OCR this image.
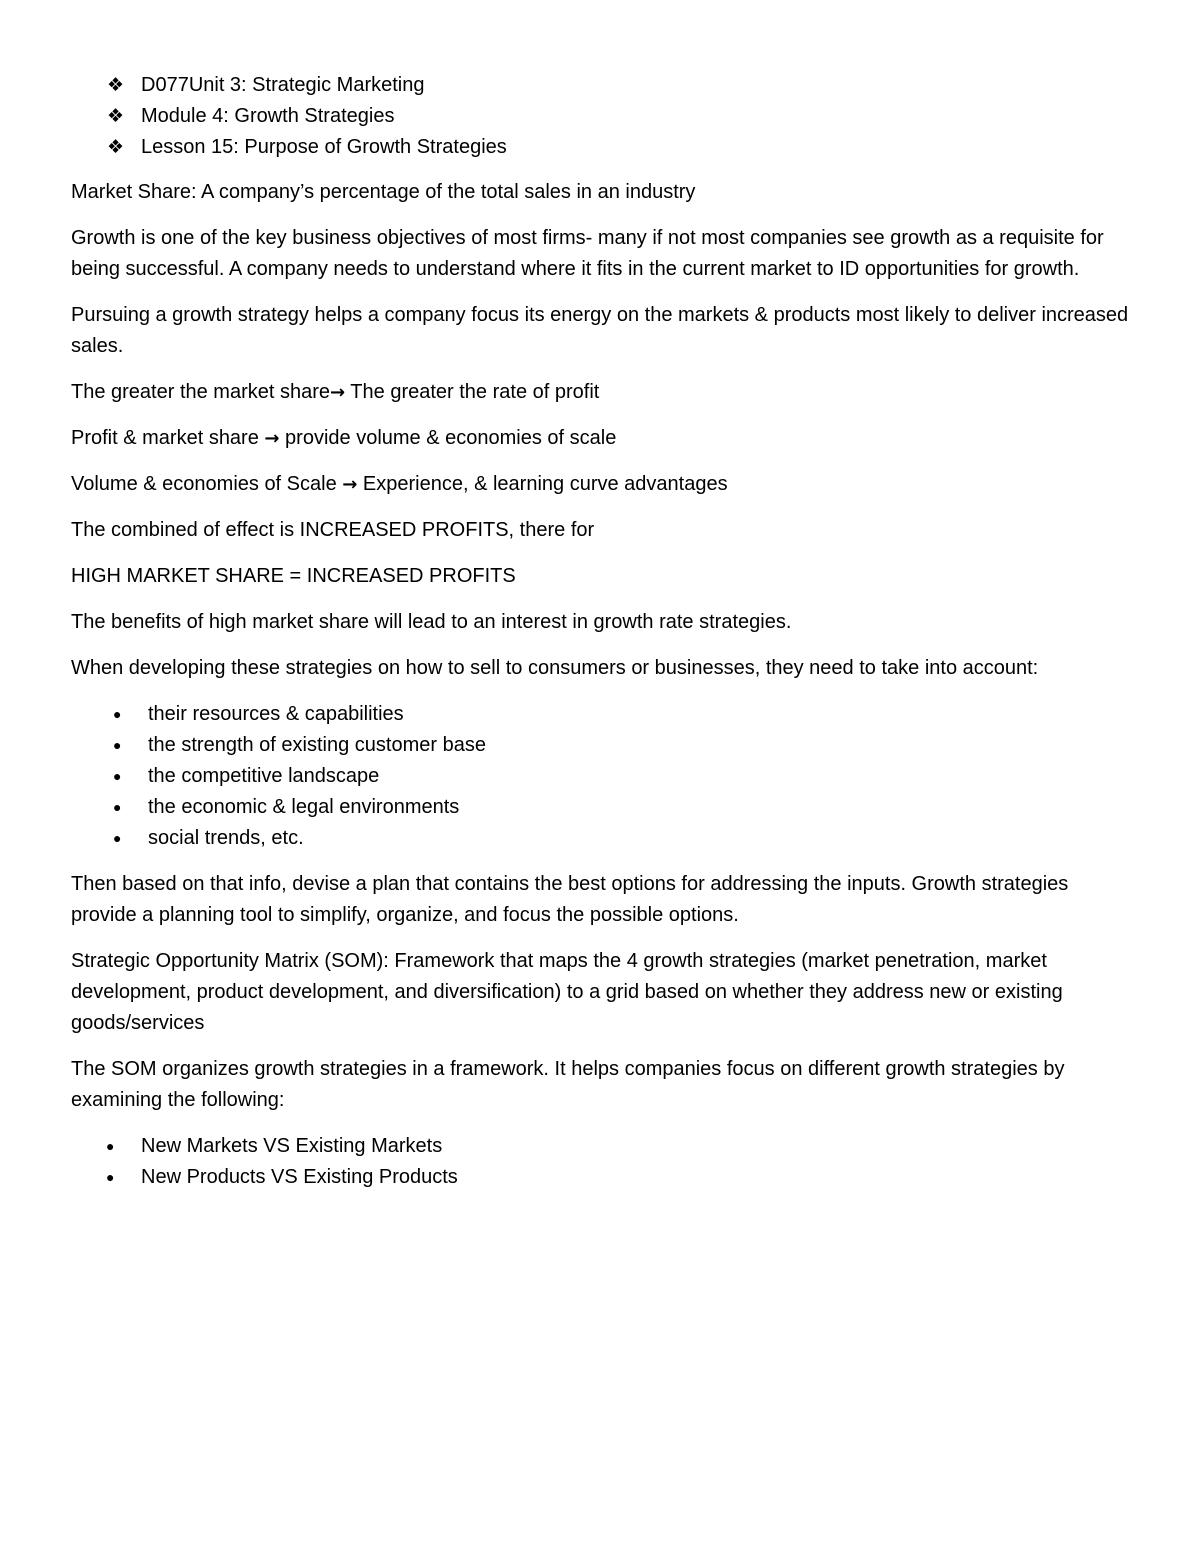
❖ D077Unit 3: Strategic Marketing
❖ Module 4: Growth Strategies
❖ Lesson 15: Purpose of Growth Strategies

Market Share: A company’s percentage of the total sales in an industry

Growth is one of the key business objectives of most firms- many if not most companies see growth as a requisite for being successful. A company needs to understand where it fits in the current market to ID opportunities for growth.

Pursuing a growth strategy helps a company focus its energy on the markets & products most likely to deliver increased sales.

The greater the market share→ The greater the rate of profit

Profit & market share → provide volume & economies of scale

Volume & economies of Scale → Experience, & learning curve advantages

The combined of effect is INCREASED PROFITS, there for

HIGH MARKET SHARE = INCREASED PROFITS

The benefits of high market share will lead to an interest in growth rate strategies.

When developing these strategies on how to sell to consumers or businesses, they need to take into account:

● their resources & capabilities
● the strength of existing customer base
● the competitive landscape
● the economic & legal environments
● social trends, etc.

Then based on that info, devise a plan that contains the best options for addressing the inputs. Growth strategies provide a planning tool to simplify, organize, and focus the possible options.

Strategic Opportunity Matrix (SOM): Framework that maps the 4 growth strategies (market penetration, market development, product development, and diversification) to a grid based on whether they address new or existing goods/services

The SOM organizes growth strategies in a framework. It helps companies focus on different growth strategies by examining the following:

● New Markets VS Existing Markets
● New Products VS Existing Products
